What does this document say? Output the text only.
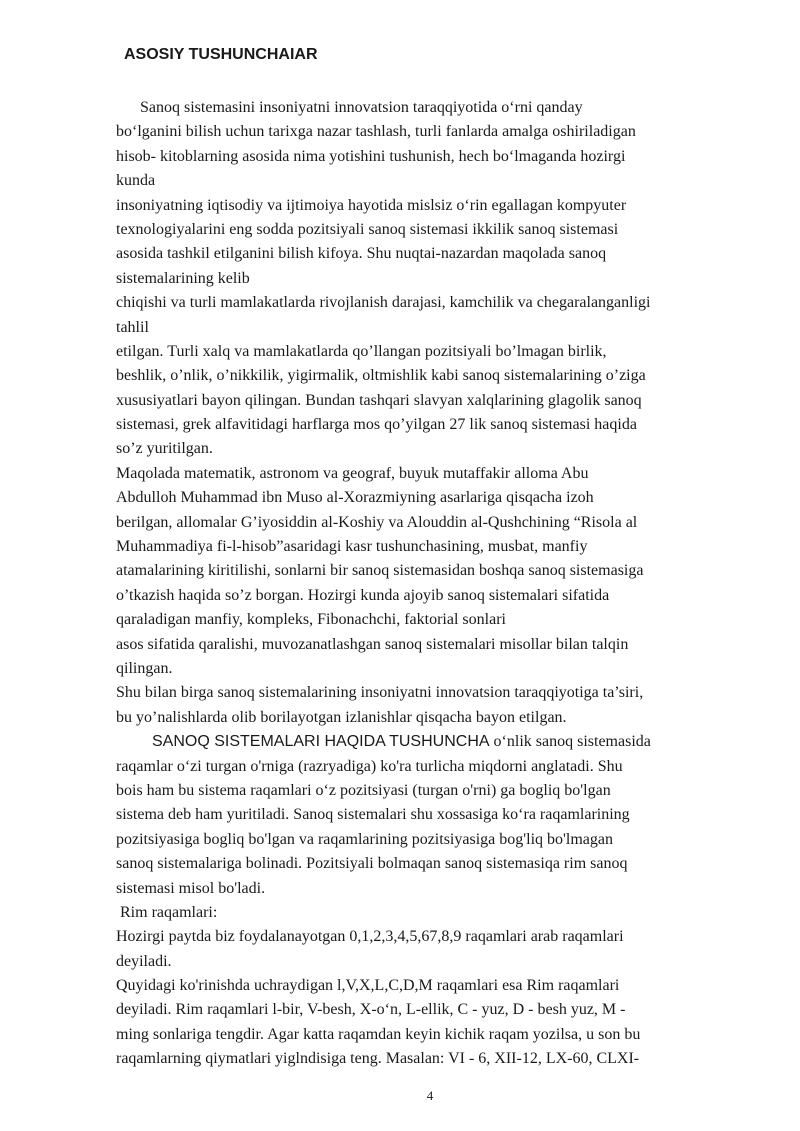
ASOSIY TUSHUNCHAIAR
Sanoq sistemasini insoniyatni innovatsion taraqqiyotida o‘rni qanday
bo‘lganini bilish uchun tarixga nazar tashlash, turli fanlarda amalga oshiriladigan
hisob- kitoblarning asosida nima yotishini tushunish, hech bo‘lmaganda hozirgi
kunda
insoniyatning iqtisodiy va ijtimoiya hayotida mislsiz o‘rin egallagan kompyuter
texnologiyalarini eng sodda pozitsiyali sanoq sistemasi ikkilik sanoq sistemasi
asosida tashkil etilganini bilish kifoya. Shu nuqtai-nazardan maqolada sanoq
sistemalarining kelib
chiqishi va turli mamlakatlarda rivojlanish darajasi, kamchilik va chegaralanganligi
tahlil
etilgan. Turli xalq va mamlakatlarda qo’llangan pozitsiyali bo’lmagan birlik,
beshlik, o’nlik, o’nikkilik, yigirmalik, oltmishlik kabi sanoq sistemalarining o’ziga
xususiyatlari bayon qilingan. Bundan tashqari slavyan xalqlarining glagolik sanoq
sistemasi, grek alfavitidagi harflarga mos qo’yilgan 27 lik sanoq sistemasi haqida
so’z yuritilgan.
Maqolada matematik, astronom va geograf, buyuk mutaffakir alloma Abu
Abdulloh Muhammad ibn Muso al-Xorazmiyning asarlariga qisqacha izoh
berilgan, allomalar G’iyosiddin al-Koshiy va Alouddin al-Qushchining “Risola al
Muhammadiya fi-l-hisob”asaridagi kasr tushunchasining, musbat, manfiy
atamalarining kiritilishi, sonlarni bir sanoq sistemasidan boshqa sanoq sistemasiga
o’tkazish haqida so’z borgan. Hozirgi kunda ajoyib sanoq sistemalari sifatida
qaraladigan manfiy, kompleks, Fibonachchi, faktorial sonlari
asos sifatida qaralishi, muvozanatlashgan sanoq sistemalari misollar bilan talqin
qilingan.
Shu bilan birga sanoq sistemalarining insoniyatni innovatsion taraqqiyotiga ta’siri,
bu yo’nalishlarda olib borilayotgan izlanishlar qisqacha bayon etilgan.
SANOQ SISTEMALARI HAQIDA TUSHUNCHA o‘nlik sanoq sistemasida
raqamlar o‘zi turgan o'rniga (razryadiga) ko'ra turlicha miqdorni anglatadi. Shu
bois ham bu sistema raqamlari o‘z pozitsiyasi (turgan o'rni) ga bogliq bo'lgan
sistema deb ham yuritiladi. Sanoq sistemalari shu xossasiga ko‘ra raqamlarining
pozitsiyasiga bogliq bo'lgan va raqamlarining pozitsiyasiga bog'liq bo'lmagan
sanoq sistemalariga bolinadi. Pozitsiyali bolmaqan sanoq sistemasiqa rim sanoq
sistemasi misol bo'ladi.
Rim raqamlari:
Hozirgi paytda biz foydalanayotgan 0,1,2,3,4,5,67,8,9 raqamlari arab raqamlari
deyiladi.
Quyidagi ko'rinishda uchraydigan l,V,X,L,C,D,M raqamlari esa Rim raqamlari
deyiladi. Rim raqamlari l-bir, V-besh, X-o‘n, L-ellik, C - yuz, D - besh yuz, M -
ming sonlariga tengdir. Agar katta raqamdan keyin kichik raqam yozilsa, u son bu
raqamlarning qiymatlari yiglndisiga teng. Masalan: VI - 6, XII-12, LX-60, CLXI-
4
